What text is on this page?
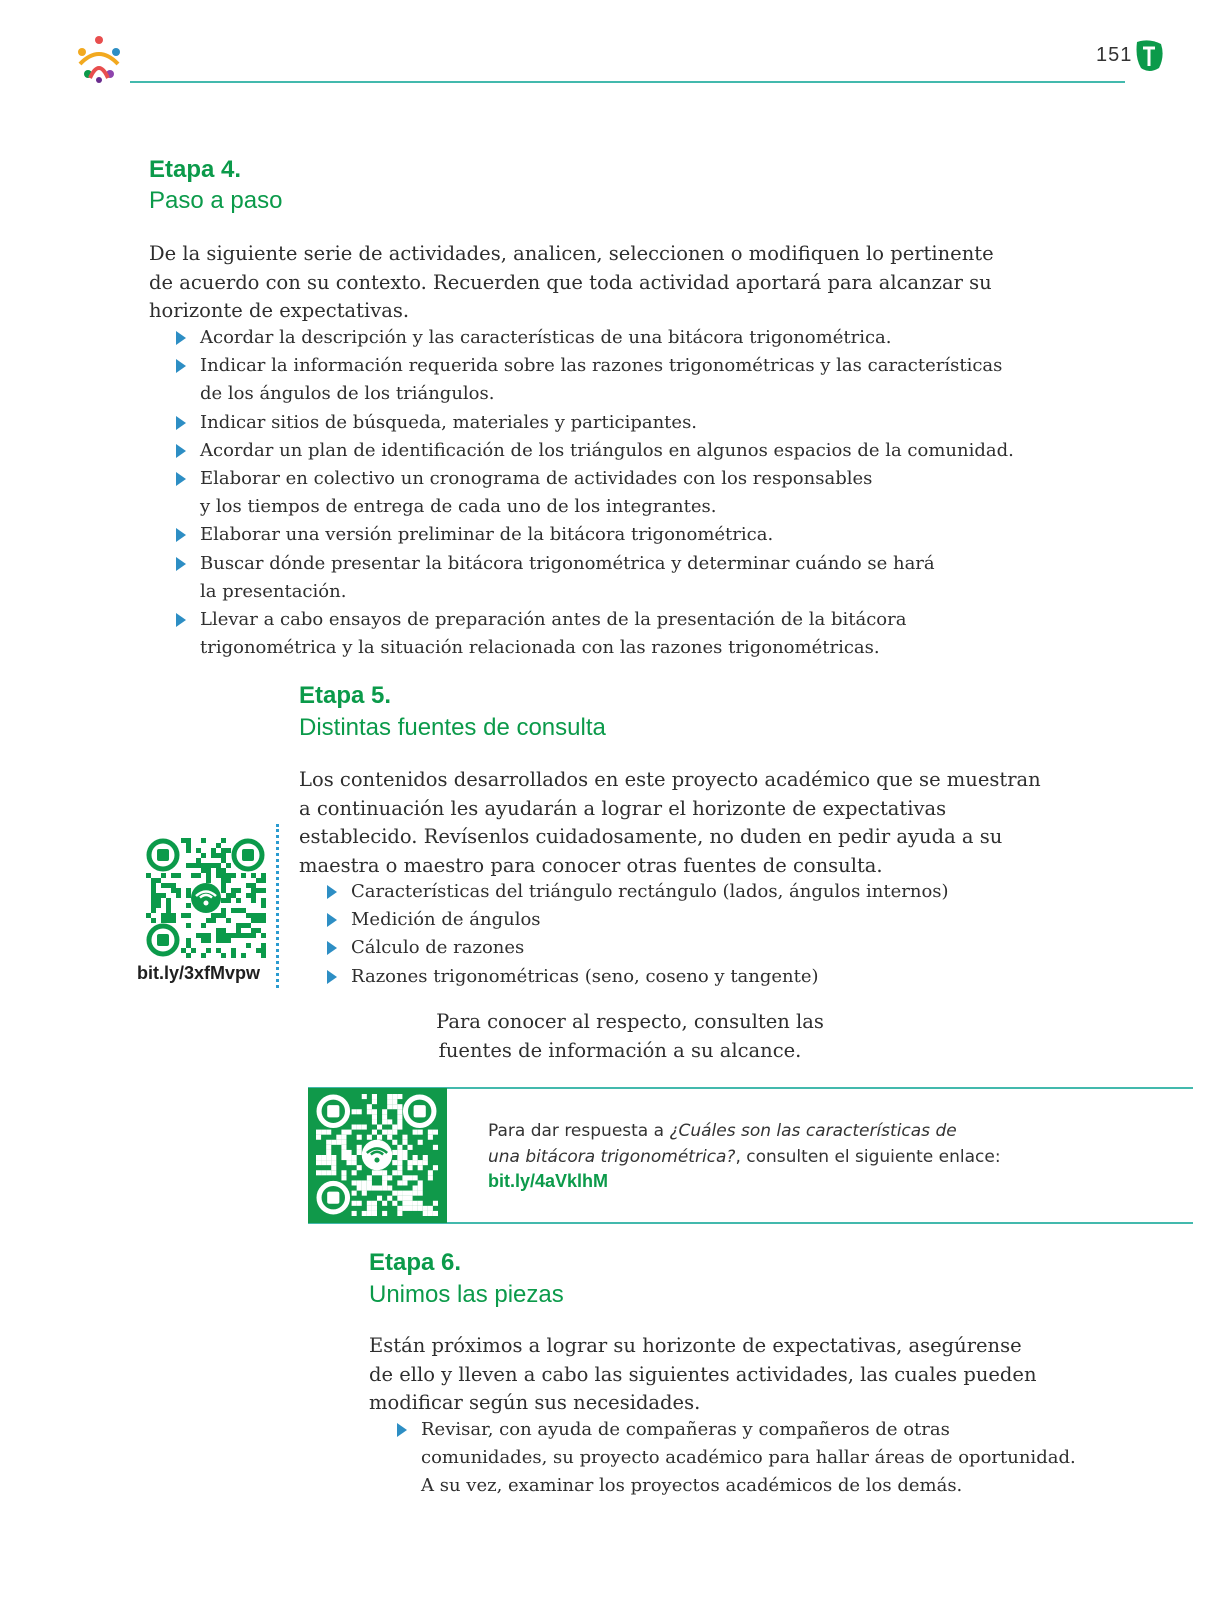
151
Etapa 4.
Paso a paso
De la siguiente serie de actividades, analicen, seleccionen o modifiquen lo pertinente
de acuerdo con su contexto. Recuerden que toda actividad aportará para alcanzar su
horizonte de expectativas.
Acordar la descripción y las características de una bitácora trigonométrica.
Indicar la información requerida sobre las razones trigonométricas y las características
de los ángulos de los triángulos.
Indicar sitios de búsqueda, materiales y participantes.
Acordar un plan de identificación de los triángulos en algunos espacios de la comunidad.
Elaborar en colectivo un cronograma de actividades con los responsables
y los tiempos de entrega de cada uno de los integrantes.
Elaborar una versión preliminar de la bitácora trigonométrica.
Buscar dónde presentar la bitácora trigonométrica y determinar cuándo se hará
la presentación.
Llevar a cabo ensayos de preparación antes de la presentación de la bitácora
trigonométrica y la situación relacionada con las razones trigonométricas.
Etapa 5.
Distintas fuentes de consulta
Los contenidos desarrollados en este proyecto académico que se muestran
a continuación les ayudarán a lograr el horizonte de expectativas
establecido. Revísenlos cuidadosamente, no duden en pedir ayuda a su
maestra o maestro para conocer otras fuentes de consulta.
Características del triángulo rectángulo (lados, ángulos internos)
Medición de ángulos
Cálculo de razones
Razones trigonométricas (seno, coseno y tangente)
bit.ly/3xfMvpw
Para conocer al respecto, consulten las
fuentes de información a su alcance.
Para dar respuesta a ¿Cuáles son las características de
una bitácora trigonométrica?, consulten el siguiente enlace:
bit.ly/4aVklhM
Etapa 6.
Unimos las piezas
Están próximos a lograr su horizonte de expectativas, asegúrense
de ello y lleven a cabo las siguientes actividades, las cuales pueden
modificar según sus necesidades.
Revisar, con ayuda de compañeras y compañeros de otras
comunidades, su proyecto académico para hallar áreas de oportunidad.
A su vez, examinar los proyectos académicos de los demás.
